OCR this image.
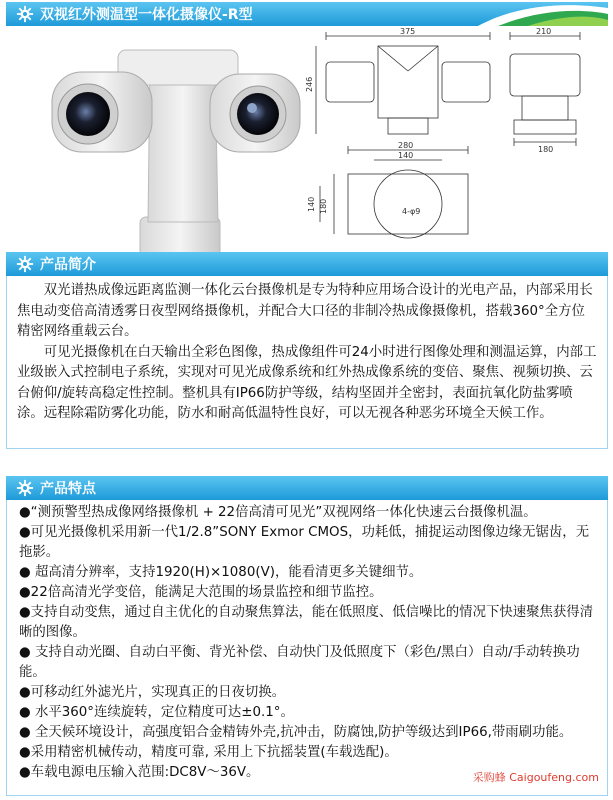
双视红外测温型一体化摄像仪-R型
375	210
246
180
280
140
180
140	4-φ9
产品简介

双光谱热成像远距离监测一体化云台摄像机是专为特种应用场合设计的光电产品，内部采用长焦电动变倍高清透雾日夜型网络摄像机，并配合大口径的非制冷热成像摄像机，搭载360°全方位精密网络重载云台。

可见光摄像机在白天输出全彩色图像，热成像组件可24小时进行图像处理和测温运算，内部工业级嵌入式控制电子系统，实现对可见光成像系统和红外热成像系统的变倍、聚焦、视频切换、云台俯仰/旋转高稳定性控制。整机具有IP66防护等级，结构坚固并全密封，表面抗氧化防盐雾喷涂。远程除霜防雾化功能，防水和耐高低温特性良好，可以无视各种恶劣环境全天候工作。

产品特点
●“测预警型热成像网络摄像机 + 22倍高清可见光”双视网络一体化快速云台摄像机温。
●可见光摄像机采用新一代1/2.8”SONY Exmor CMOS，功耗低，捕捉运动图像边缘无锯齿，无拖影。
● 超高清分辨率，支持1920(H)×1080(V)，能看清更多关键细节。
●22倍高清光学变倍，能满足大范围的场景监控和细节监控。
●支持自动变焦，通过自主优化的自动聚焦算法，能在低照度、低信噪比的情况下快速聚焦获得清晰的图像。
● 支持自动光圈、自动白平衡、背光补偿、自动快门及低照度下（彩色/黑白）自动/手动转换功能。
●可移动红外滤光片，实现真正的日夜切换。
● 水平360°连续旋转，定位精度可达±0.1°。
● 全天候环境设计，高强度铝合金精铸外壳,抗冲击，防腐蚀,防护等级达到IP66,带雨刷功能。
●采用精密机械传动，精度可靠, 采用上下抗摇装置(车载选配)。
●车载电源电压输入范围:DC8V～36V。	采购蜂 Caigoufeng.com
